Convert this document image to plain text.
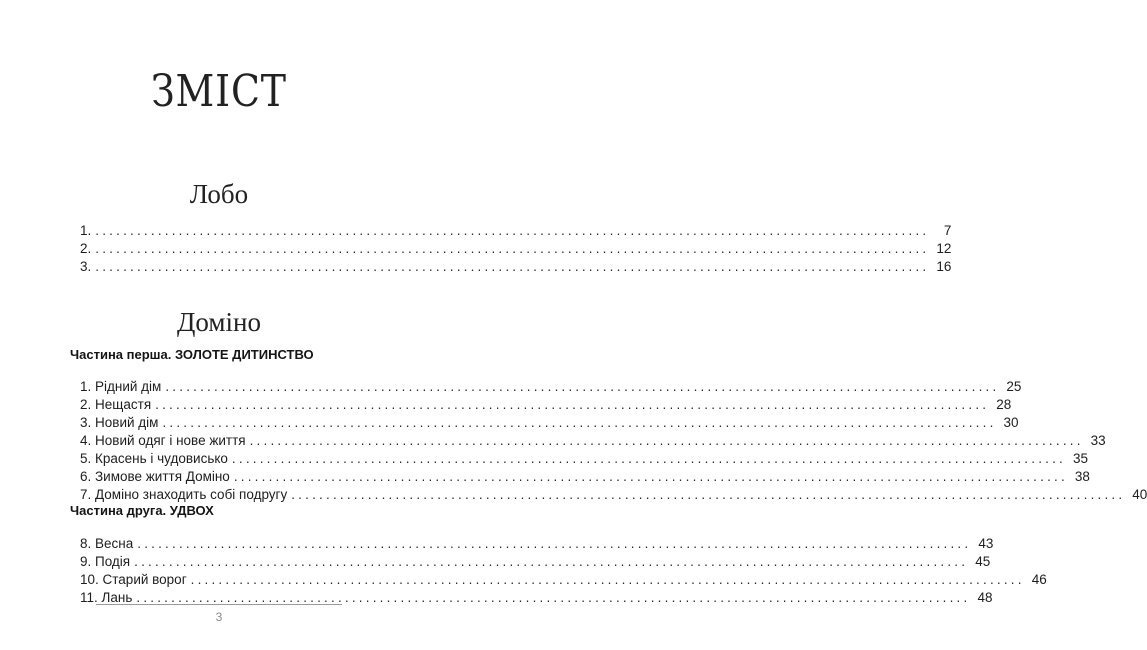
ЗМІСТ
Лобо
1. ........................................................................................................................	7
2. ........................................................................................................................ 12
3. ........................................................................................................................ 16
Доміно
Частина перша. ЗОЛОТЕ ДИТИНСТВО
1. Рідний дім ........................................................................................................................ 25
2. Нещастя ........................................................................................................................ 28
3. Новий дім ........................................................................................................................ 30
4. Новий одяг і нове життя ........................................................................................................................ 33
5. Красень і чудовисько ........................................................................................................................ 35
6. Зимове життя Доміно ........................................................................................................................ 38
7. Доміно знаходить собі подругу ........................................................................................................................ 40
Частина друга. УДВОХ
8. Весна ........................................................................................................................ 43
9. Подія ........................................................................................................................ 45
10. Старий ворог ........................................................................................................................ 46
11. Лань ........................................................................................................................ 48
3
